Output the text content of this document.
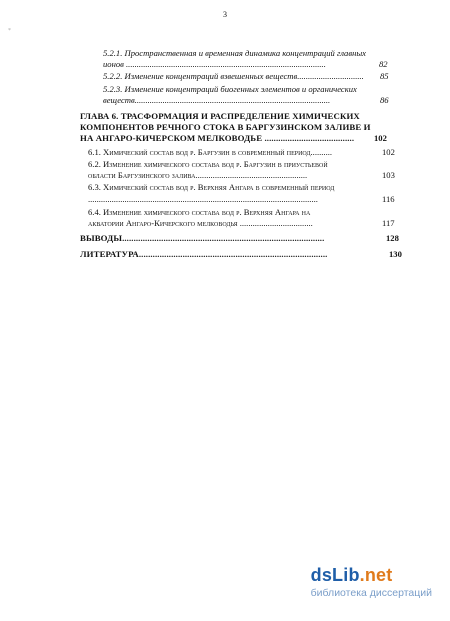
3
*
5.2.1. Пространственная и временная динамика концентраций главных
ионов .............................................................................................	82
5.2.2. Изменение концентраций взвешенных веществ............................... 85
5.2.3. Изменение концентраций биогенных элементов и органических
веществ...........................................................................................	86
ГЛАВА 6. ТРАСФОРМАЦИЯ И РАСПРЕДЕЛЕНИЕ ХИМИЧЕСКИХ
КОМПОНЕНТОВ РЕЧНОГО СТОКА В БАРГУЗИНСКОМ ЗАЛИВЕ И
НА АНГАРО-КИЧЕРСКОМ МЕЛКОВОДЬЕ ....................................... 102
6.1. Химический состав вод р. Баргузин в современный период..........	102
6.2. Изменение химического состава вод р. Баргузин в приустьевой
области Баргузинского залива....................................................	103
6.3. Химический состав вод р. Верхняя Ангара в современный период
...........................................................................................................	116
6.4. Изменение химического состава вод р. Верхняя Ангара на
акватории Ангаро-Кичерского мелководья ..................................	117
ВЫВОДЫ........................................................................................	128
ЛИТЕРАТУРА..................................................................................	130
dsLib.net
библиотека диссертаций
